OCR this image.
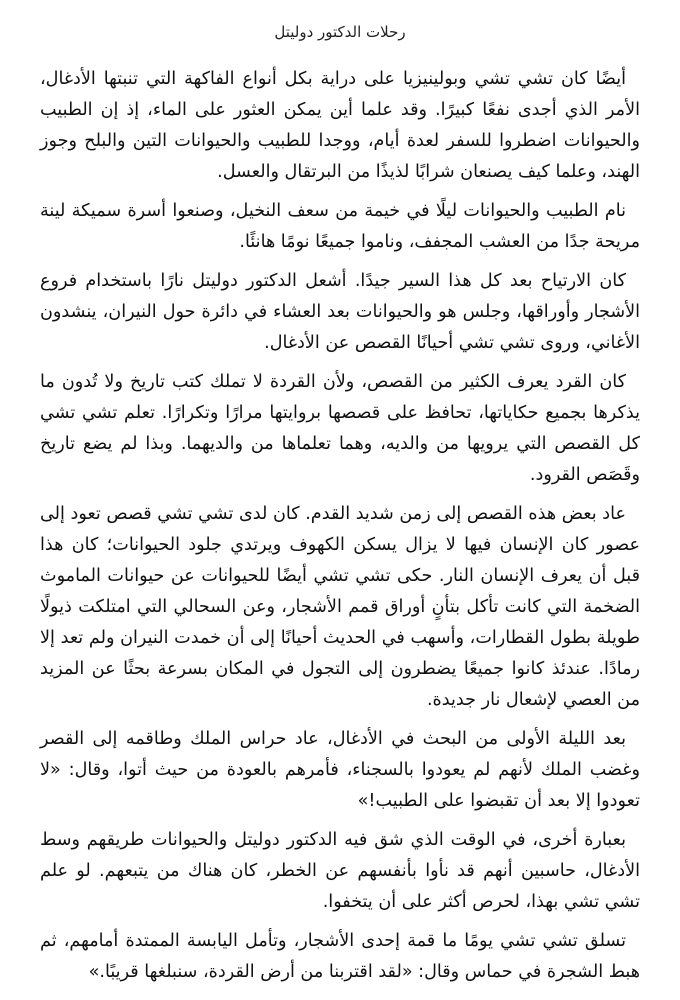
رحلات الدكتور دوليتل

أيضًا كان تشي تشي وبولينيزيا على دراية بكل أنواع الفاكهة التي تنبتها الأدغال، الأمر الذي أجدى نفعًا كبيرًا. وقد علما أين يمكن العثور على الماء، إذ إن الطبيب والحيوانات اضطروا للسفر لعدة أيام، ووجدا للطبيب والحيوانات التين والبلح وجوز الهند، وعلما كيف يصنعان شرابًا لذيذًا من البرتقال والعسل.

نام الطبيب والحيوانات ليلًا في خيمة من سعف النخيل، وصنعوا أسرة سميكة لينة مريحة جدًا من العشب المجفف، وناموا جميعًا نومًا هانئًا.

كان الارتياح بعد كل هذا السير جيدًا. أشعل الدكتور دوليتل نارًا باستخدام فروع الأشجار وأوراقها، وجلس هو والحيوانات بعد العشاء في دائرة حول النيران، ينشدون الأغاني، وروى تشي تشي أحيانًا القصص عن الأدغال.

كان القرد يعرف الكثير من القصص، ولأن القردة لا تملك كتب تاريخ ولا تُدون ما يذكرها بجميع حكاياتها، تحافظ على قصصها بروايتها مرارًا وتكرارًا. تعلم تشي تشي كل القصص التي يرويها من والديه، وهما تعلماها من والديهما. وبذا لم يضع تاريخ وقَصَص القرود.

عاد بعض هذه القصص إلى زمن شديد القدم. كان لدى تشي تشي قصص تعود إلى عصور كان الإنسان فيها لا يزال يسكن الكهوف ويرتدي جلود الحيوانات؛ كان هذا قبل أن يعرف الإنسان النار. حكى تشي تشي أيضًا للحيوانات عن حيوانات الماموث الضخمة التي كانت تأكل بتأنٍ أوراق قمم الأشجار، وعن السحالي التي امتلكت ذيولًا طويلة بطول القطارات، وأسهب في الحديث أحيانًا إلى أن خمدت النيران ولم تعد إلا رمادًا. عندئذ كانوا جميعًا يضطرون إلى التجول في المكان بسرعة بحثًا عن المزيد من العصي لإشعال نار جديدة.

بعد الليلة الأولى من البحث في الأدغال، عاد حراس الملك وطاقمه إلى القصر وغضب الملك لأنهم لم يعودوا بالسجناء، فأمرهم بالعودة من حيث أتوا، وقال: «لا تعودوا إلا بعد أن تقبضوا على الطبيب!»

بعبارة أخرى، في الوقت الذي شق فيه الدكتور دوليتل والحيوانات طريقهم وسط الأدغال، حاسبين أنهم قد نأوا بأنفسهم عن الخطر، كان هناك من يتبعهم. لو علم تشي تشي بهذا، لحرص أكثر على أن يتخفوا.

تسلق تشي تشي يومًا ما قمة إحدى الأشجار، وتأمل اليابسة الممتدة أمامهم، ثم هبط الشجرة في حماس وقال: «لقد اقتربنا من أرض القردة، سنبلغها قريبًا.»
